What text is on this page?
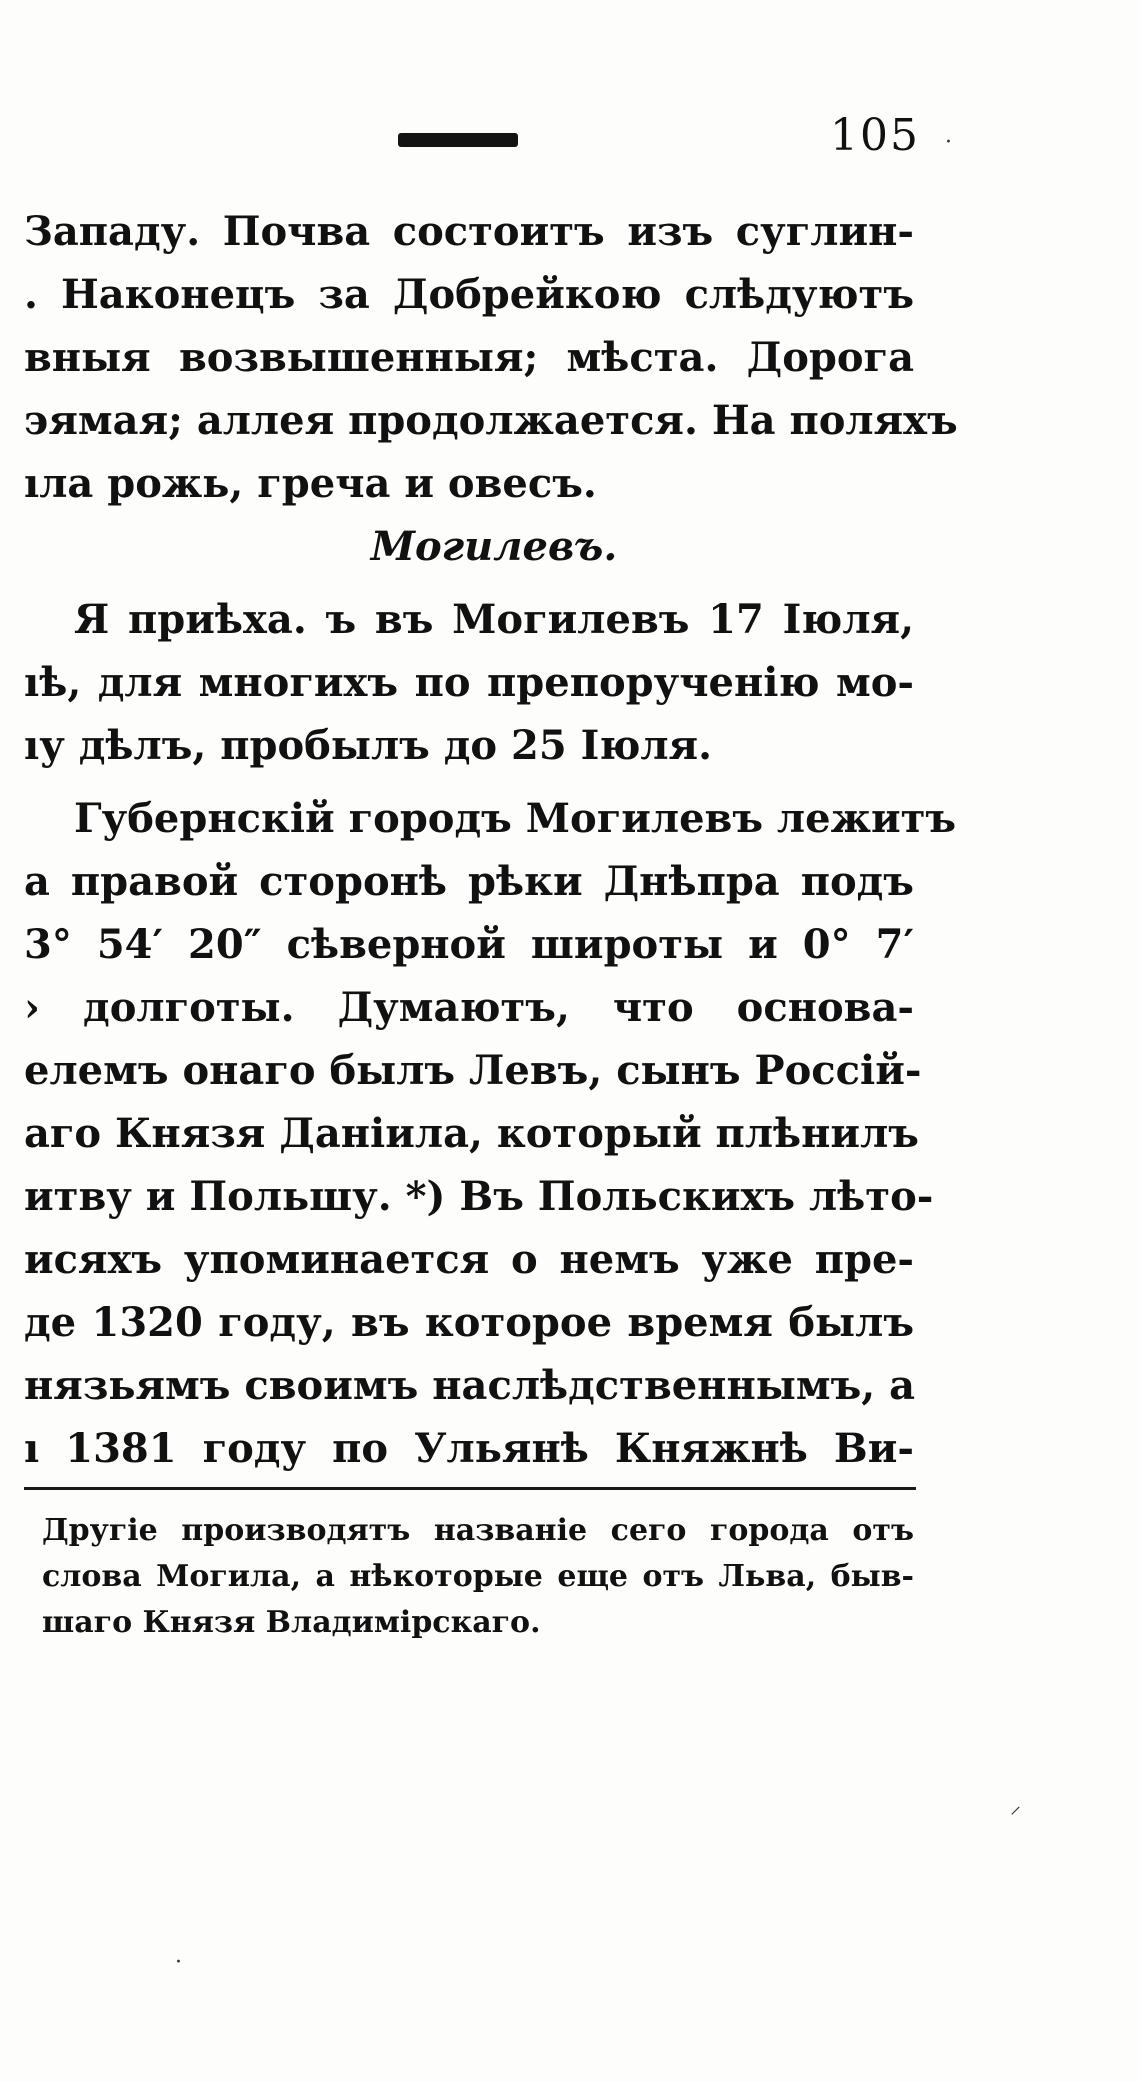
105
Западу. Почва состоитъ изъ суглин-
. Наконецъ за Добрейкою слѣдуютъ
вныя возвышенныя; мѣста. Дорога
эямая; аллея продолжается. На поляхъ
ıла рожь, греча и овесъ.
Могилевъ.
Я приѣха. ъ въ Могилевъ 17 Іюля,
ıѣ, для многихъ по препорученію мо-
ıу дѣлъ, пробылъ до 25 Іюля.
Губернскій городъ Могилевъ лежитъ
а правой сторонѣ рѣки Днѣпра подъ
3° 54′ 20″ сѣверной широты и 0° 7′
› долготы. Думаютъ, что основа-
елемъ онаго былъ Левъ, сынъ Россій-
аго Князя Даніила, который плѣнилъ
итву и Польшу. *) Въ Польскихъ лѣто-
исяхъ упоминается о немъ уже пре-
де 1320 году, въ которое время былъ
нязьямъ своимъ наслѣдственнымъ, а
ı 1381 году по Ульянѣ Княжнѣ Ви-
Другіе производятъ названіе сего города отъ
слова Могила, а нѣкоторые еще отъ Льва, быв-
шаго Князя Владимірскаго.
⸝
·
·
